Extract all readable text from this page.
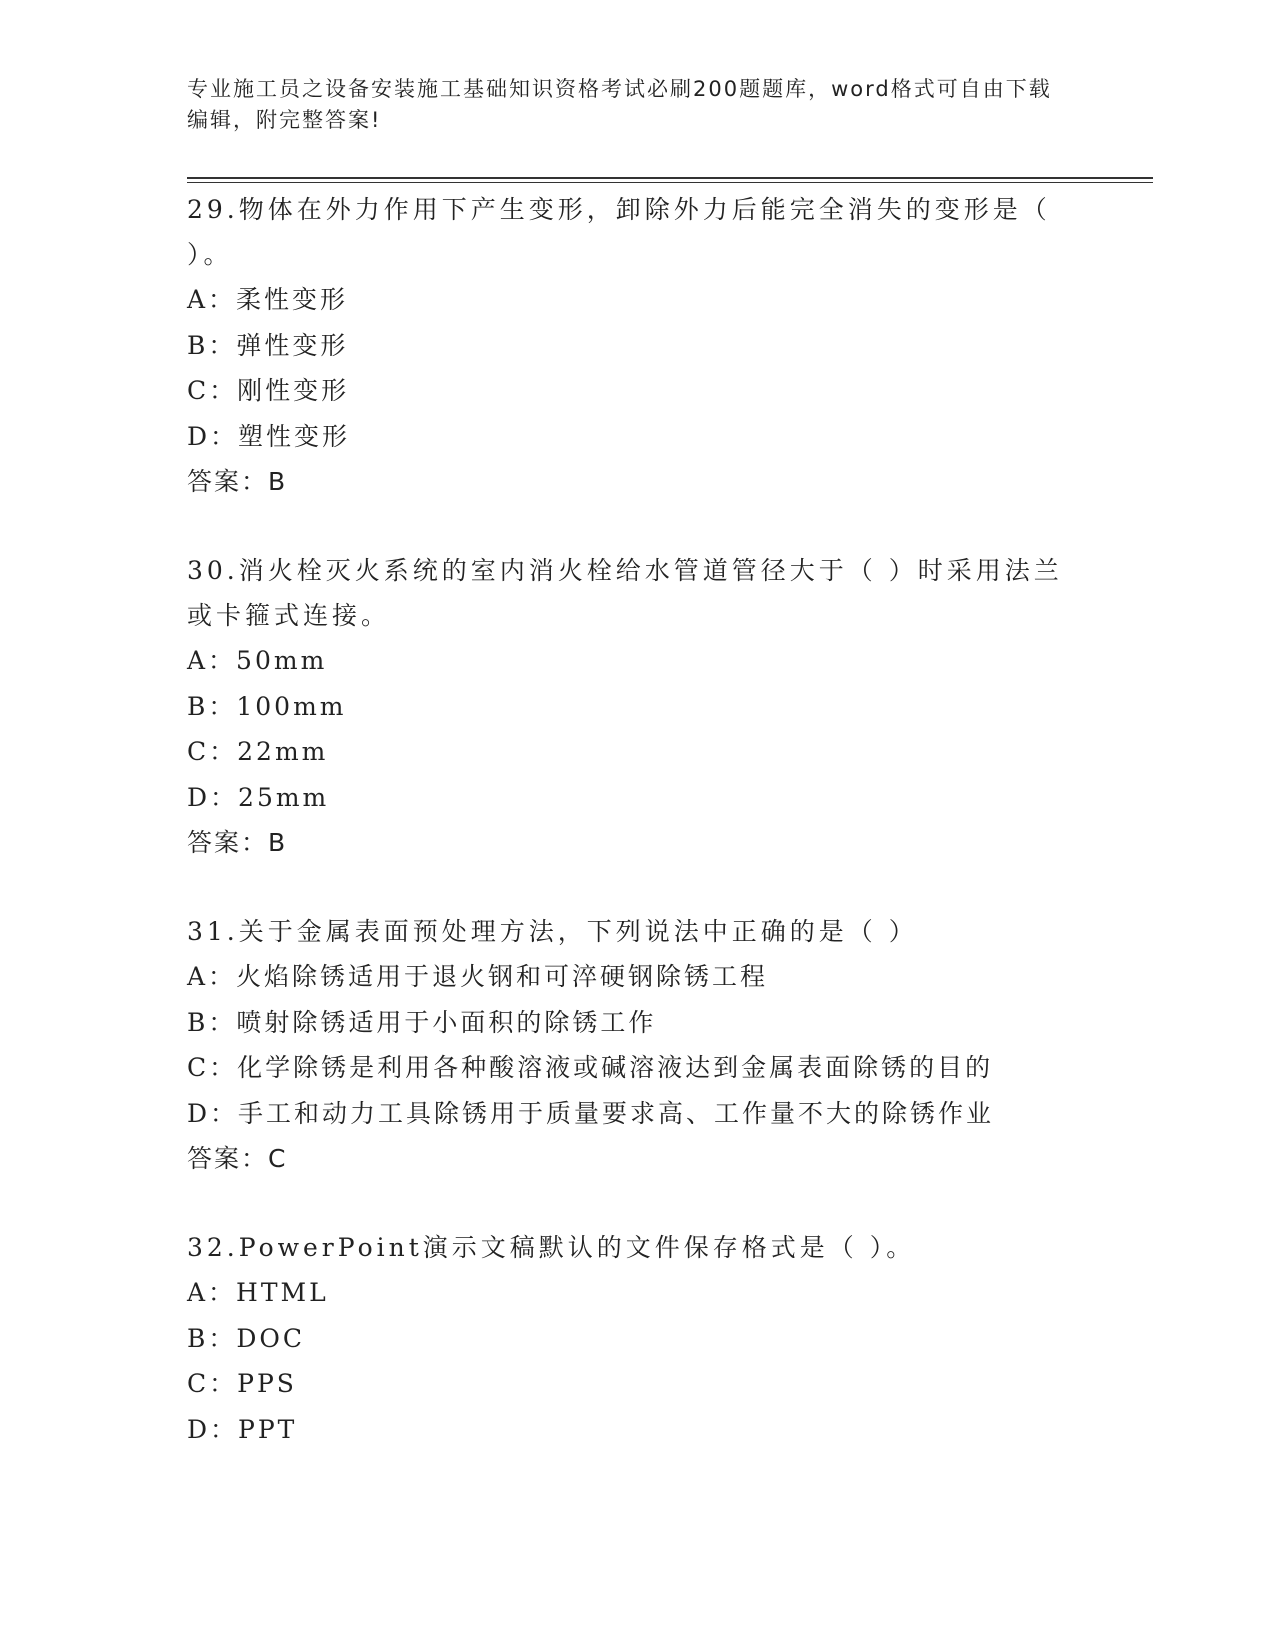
专业施工员之设备安装施工基础知识资格考试必刷200题题库，word格式可自由下载编辑，附完整答案!

29.物体在外力作用下产生变形，卸除外力后能完全消失的变形是（ ）。

A：柔性变形

B：弹性变形

C：刚性变形

D：塑性变形

答案：B

30.消火栓灭火系统的室内消火栓给水管道管径大于（ ）时采用法兰或卡箍式连接。

A：50mm

B：100mm

C：22mm

D：25mm

答案：B

31.关于金属表面预处理方法，下列说法中正确的是（ ）

A：火焰除锈适用于退火钢和可淬硬钢除锈工程

B：喷射除锈适用于小面积的除锈工作

C：化学除锈是利用各种酸溶液或碱溶液达到金属表面除锈的目的

D：手工和动力工具除锈用于质量要求高、工作量不大的除锈作业

答案：C

32.PowerPoint演示文稿默认的文件保存格式是（ ）。

A：HTML

B：DOC

C：PPS

D：PPT
